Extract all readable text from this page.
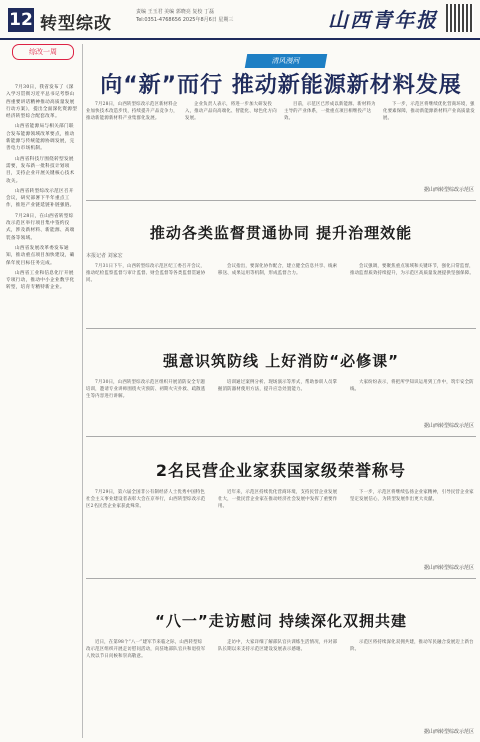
12 转型综改
责编 王玉君 美编 郭晓亮 复校 丁磊
Tel:0351-4768656 2025年8月6日 星期三	山西青年报
综改一周

7月30日，我省发布了《深入学习贯彻习近平总书记考察山西重要讲话精神推动高质量发展行动方案》，提出全面深化资源型经济转型综合配套改革。

山西省能源局与相关部门联合发布能源领域改革要点，推动新能源与传统能源协调发展，完善电力市场机制。

山西省科技厅围绕转型发展需要，发布新一批科技计划项目，支持企业开展关键核心技术攻关。

山西省转型综改示范区召开会议，研究部署下半年重点工作，推进产业链延链补链强链。

7月28日，在山西省转型综改示范区举行项目集中签约仪式，涉及新材料、新能源、高端装备等领域。

山西省发展改革委发布通知，推动重点项目加快建设，确保年度目标任务完成。

山西省工业和信息化厅开展专项行动，推动中小企业数字化转型，培育专精特新企业。

清风漫河
向“新”而行 推动新能源新材料发展

7月28日，山西转型综改示范区新材料企业加快技术改造步伐，持续提升产品竞争力，推动新能源新材料产业集群化发展。

企业负责人表示，将进一步加大研发投入，推动产品向高端化、智能化、绿色化方向发展。

目前，示范区已形成以新能源、新材料为主导的产业体系，一批重点项目相继投产达效。

下一步，示范区将继续优化营商环境，强化要素保障，推动新能源新材料产业高质量发展。

据山西转型综改示范区
推动各类监督贯通协同 提升治理效能
本报记者 刘家宏

7月31日下午，山西转型综改示范区纪工委召开会议，推动纪检监察监督与审计监督、财会监督等各类监督贯通协同。

会议指出，要深化协作配合，建立健全信息共享、线索移送、成果运用等机制，形成监督合力。

会议强调，要聚焦重点领域和关键环节，强化日常监督，推动监督质效持续提升，为示范区高质量发展提供坚强保障。

强意识筑防线 上好消防“必修课”

7月30日，山西转型综改示范区组织开展消防安全专题培训，邀请专业讲师围绕火灾预防、初期火灾扑救、疏散逃生等内容进行讲解。

培训通过案例分析、现场演示等形式，帮助参训人员掌握消防器材使用方法，提升应急处置能力。

大家纷纷表示，将把所学知识运用到工作中，筑牢安全防线。

据山西转型综改示范区
2名民营企业家获国家级荣誉称号

7月29日，第六届全国非公有制经济人士优秀中国特色社会主义事业建设者表彰大会在京举行，山西转型综改示范区2名民营企业家获此殊荣。

近年来，示范区持续优化营商环境，支持民营企业发展壮大，一批民营企业家在推动经济社会发展中发挥了重要作用。

下一步，示范区将继续弘扬企业家精神，引导民营企业家坚定发展信心，为转型发展作出更大贡献。

据山西转型综改示范区
“八一”走访慰问 持续深化双拥共建

近日，在第98个“八一”建军节来临之际，山西转型综改示范区组织开展走访慰问活动，向驻地部队官兵和退役军人致以节日问候和崇高敬意。

走访中，大家详细了解部队官兵训练生活情况，并对部队长期以来支持示范区建设发展表示感谢。

示范区将持续深化双拥共建，推动军民融合发展迈上新台阶。

据山西转型综改示范区
